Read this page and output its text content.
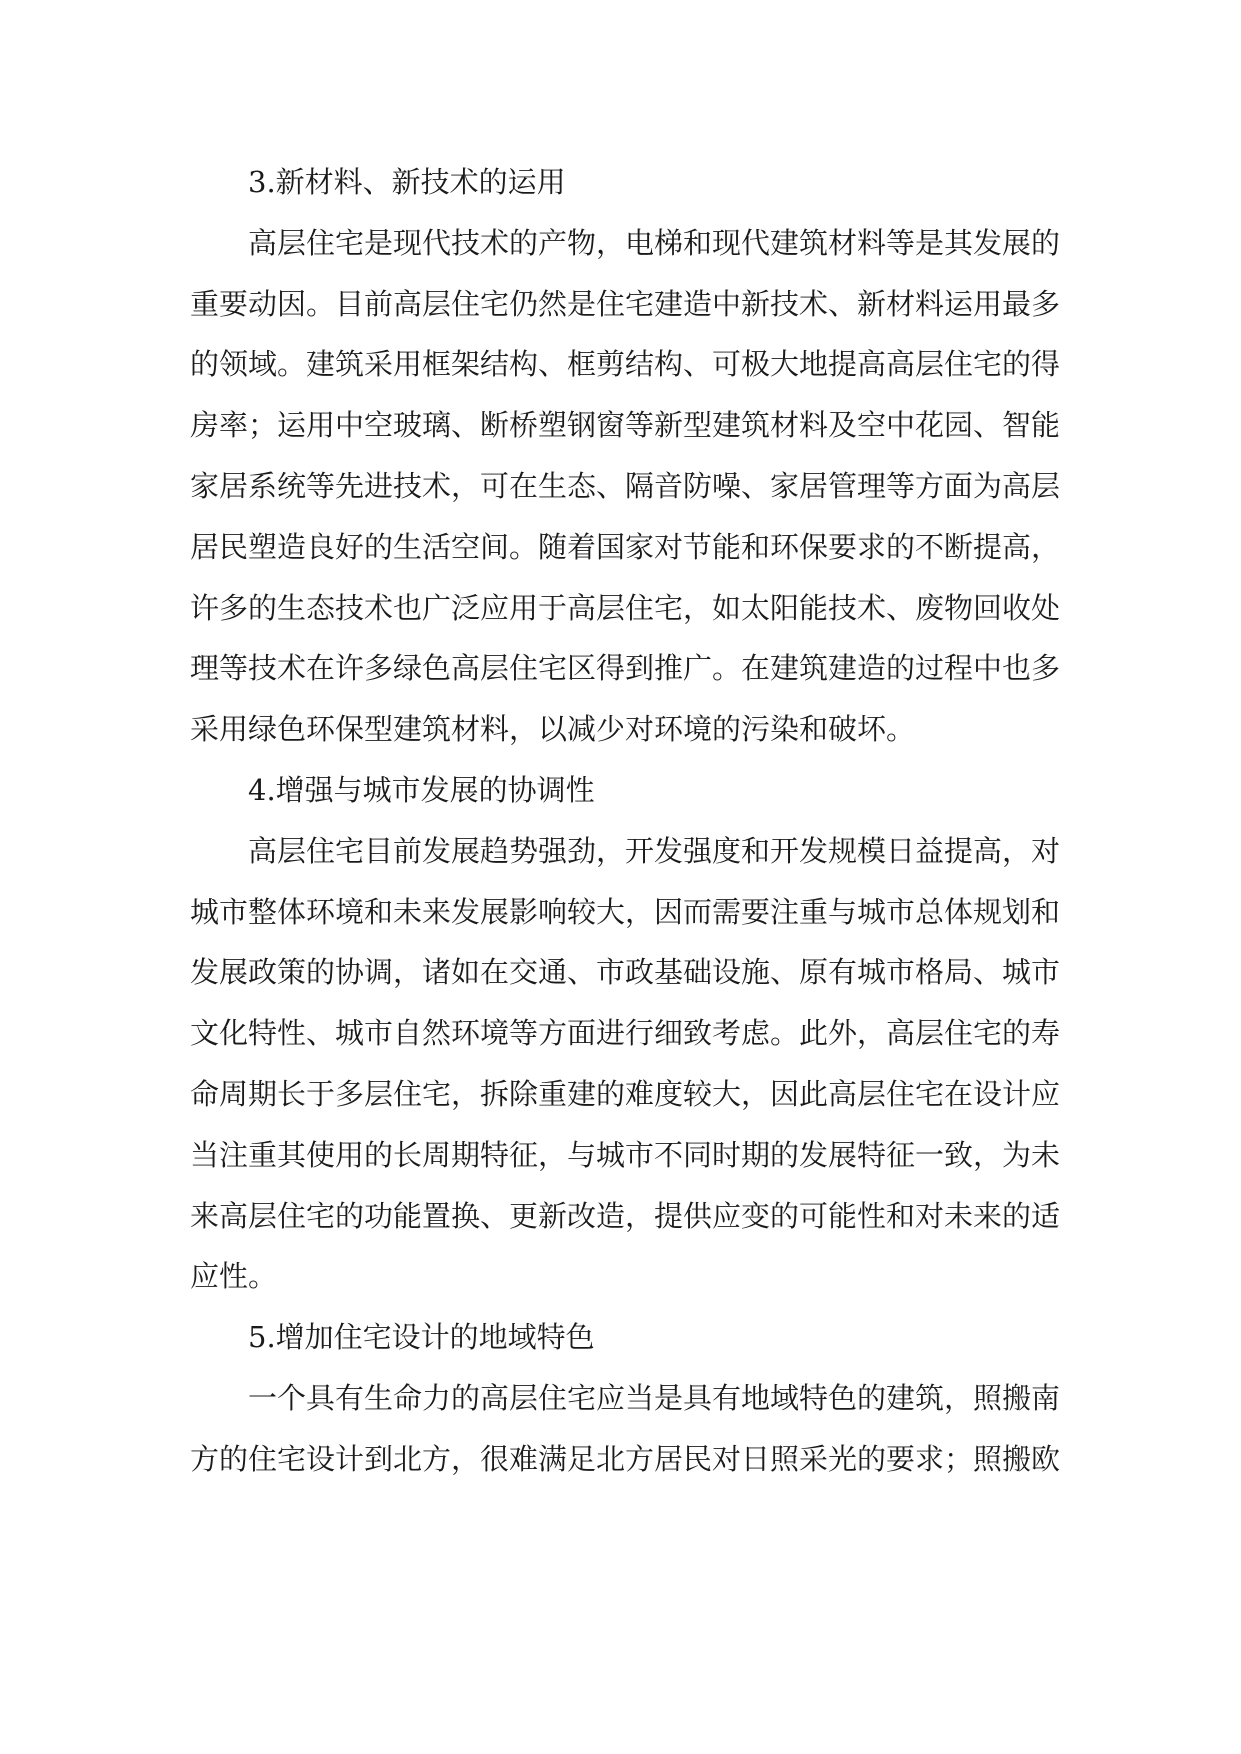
3.新材料、新技术的运用

高层住宅是现代技术的产物，电梯和现代建筑材料等是其发展的重要动因。目前高层住宅仍然是住宅建造中新技术、新材料运用最多的领域。建筑采用框架结构、框剪结构、可极大地提高高层住宅的得房率；运用中空玻璃、断桥塑钢窗等新型建筑材料及空中花园、智能家居系统等先进技术，可在生态、隔音防噪、家居管理等方面为高层居民塑造良好的生活空间。随着国家对节能和环保要求的不断提高，许多的生态技术也广泛应用于高层住宅，如太阳能技术、废物回收处理等技术在许多绿色高层住宅区得到推广。在建筑建造的过程中也多采用绿色环保型建筑材料，以减少对环境的污染和破坏。

4.增强与城市发展的协调性

高层住宅目前发展趋势强劲，开发强度和开发规模日益提高，对城市整体环境和未来发展影响较大，因而需要注重与城市总体规划和发展政策的协调，诸如在交通、市政基础设施、原有城市格局、城市文化特性、城市自然环境等方面进行细致考虑。此外，高层住宅的寿命周期长于多层住宅，拆除重建的难度较大，因此高层住宅在设计应当注重其使用的长周期特征，与城市不同时期的发展特征一致，为未来高层住宅的功能置换、更新改造，提供应变的可能性和对未来的适应性。

5.增加住宅设计的地域特色

一个具有生命力的高层住宅应当是具有地域特色的建筑，照搬南方的住宅设计到北方，很难满足北方居民对日照采光的要求；照搬欧
